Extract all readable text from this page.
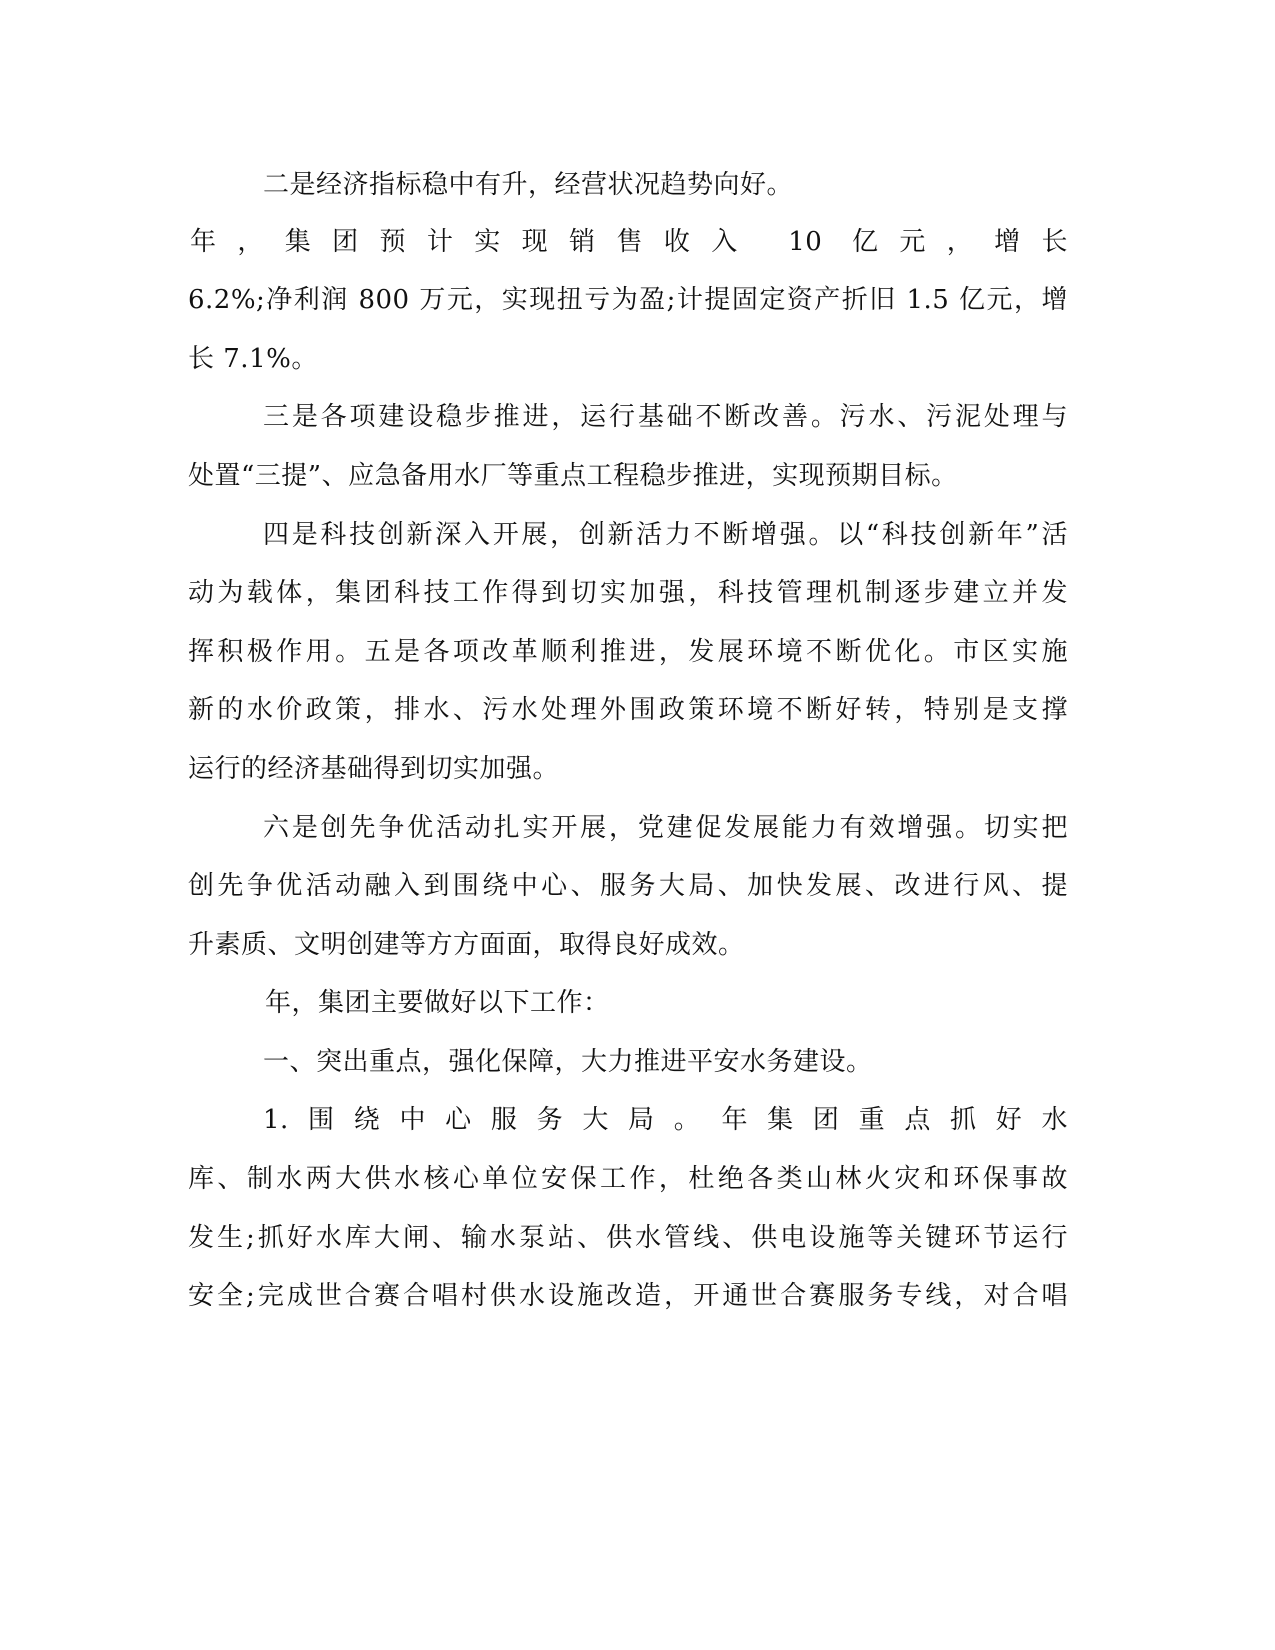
二是经济指标稳中有升，经营状况趋势向好。
年，集团预计实现销售收入 10 亿元，增长
6.2%;净利润 800 万元，实现扭亏为盈;计提固定资产折旧 1.5 亿元，增
长 7.1%。
三是各项建设稳步推进，运行基础不断改善。污水、污泥处理与
处置“三提”、应急备用水厂等重点工程稳步推进，实现预期目标。
四是科技创新深入开展，创新活力不断增强。以“科技创新年”活
动为载体，集团科技工作得到切实加强，科技管理机制逐步建立并发
挥积极作用。五是各项改革顺利推进，发展环境不断优化。市区实施
新的水价政策，排水、污水处理外围政策环境不断好转，特别是支撑
运行的经济基础得到切实加强。
六是创先争优活动扎实开展，党建促发展能力有效增强。切实把
创先争优活动融入到围绕中心、服务大局、加快发展、改进行风、提
升素质、文明创建等方方面面，取得良好成效。
年，集团主要做好以下工作：
一、突出重点，强化保障，大力推进平安水务建设。
1.围绕中心服务大局。年集团重点抓好水
库、制水两大供水核心单位安保工作，杜绝各类山林火灾和环保事故
发生;抓好水库大闸、输水泵站、供水管线、供电设施等关键环节运行
安全;完成世合赛合唱村供水设施改造，开通世合赛服务专线，对合唱
